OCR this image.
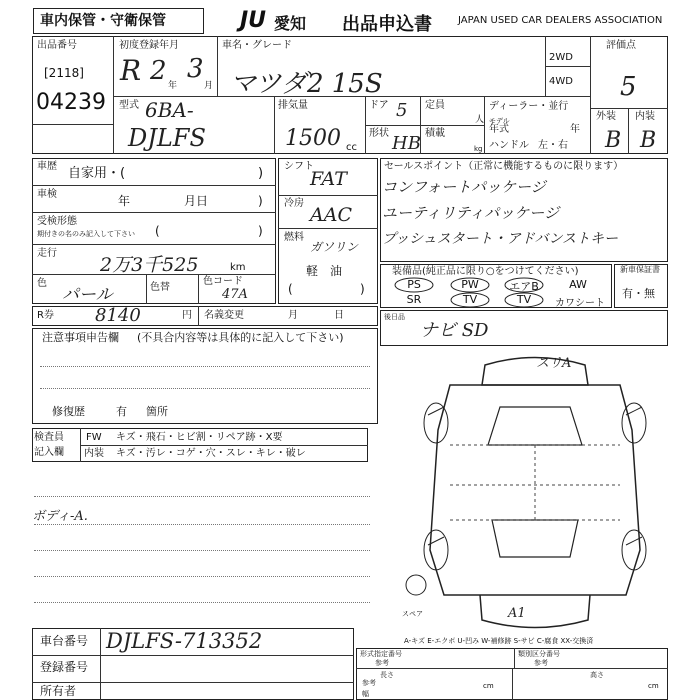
車内保管・守衛保管	JU 愛知 出品申込書	JAPAN USED CAR DEALERS ASSOCIATION
出品番号
[2118]
04239
初度登録年月
R 2 年
3
月
車名・グレード
マツダ2 15S
2WD
4WD
評価点
5
型式 6BA-
DJLFS
排気量
1500 cc
ドア 5 定員
人
形状 HB 積載
kg
ディーラー・並行
モデル
年式	年
ハンドル 左・右
外装
B
内装
B
車歴 自家用・(	)
車検	年	月日	)
受検形態
期付きの名のみ記入して下さい (	)
走行
2万3千525	km
色
パール	色替
色コード
47A
シフト
FAT
冷房
AAC
燃料
ガソリン
軽　油
(	)
セールスポイント（正常に機能するものに限ります）
コンフォートパッケージ
ユーティリティパッケージ
プッシュスタート・アドバンストキー
装備品(純正品に限り○をつけてください)
PS	PW	エアB	AW
SR	TV	TV	カワシート
新車保証書
有・無
後日品
ナビ SD
R券 8140	円 名義変更	月	日
注意事項申告欄 (不具合内容等は具体的に記入して下さい)
修復歴	有 箇所
検査員
記入欄
FW キズ・飛石・ヒビ割・リペア跡・X要
内装 キズ・汚レ・コゲ・穴・スレ・キレ・破レ
ボディ-A.
スリA
A1
スペア
A-キズ E-エクボ U-凹み W-補修跡 S-サビ C-腐食 XX-交換済
車台番号 DJLFS-713352
登録番号
所有者
形式指定番号
参考
類別区分番号
参考
長さ
参考	cm
高さ
cm
幅
